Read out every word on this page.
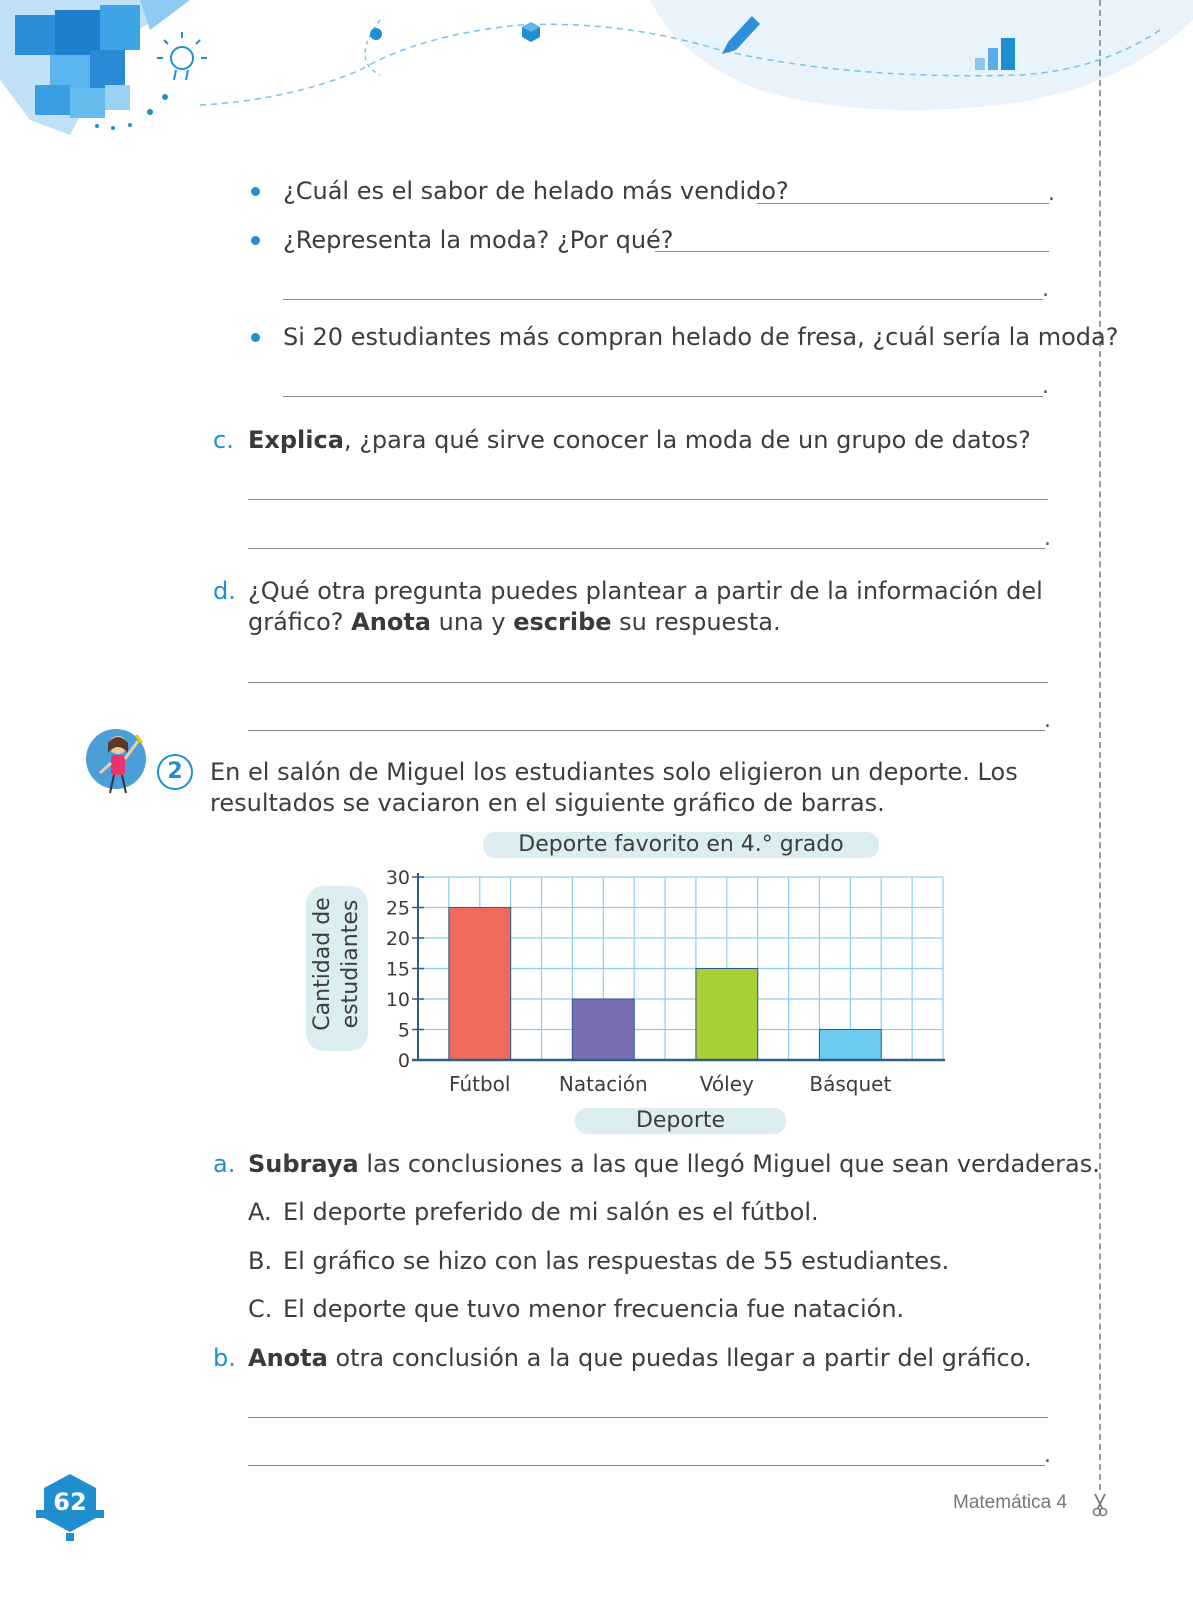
¿Cuál es el sabor de helado más vendido?	.
¿Representa la moda? ¿Por qué?
.
Si 20 estudiantes más compran helado de fresa, ¿cuál sería la moda?
.
c. Explica, ¿para qué sirve conocer la moda de un grupo de datos?
.
d. ¿Qué otra pregunta puedes plantear a partir de la información del
gráfico? Anota una y escribe su respuesta.
.
2	En el salón de Miguel los estudiantes solo eligieron un deporte. Los
resultados se vaciaron en el siguiente gráfico de barras.
Deporte favorito en 4.° grado
Cantidad de estudiantes
Deporte
0
5
10
15
20
25
30
Fútbol Natación	Vóley	Básquet
a. Subraya las conclusiones a las que llegó Miguel que sean verdaderas.
A. El deporte preferido de mi salón es el fútbol.
B. El gráfico se hizo con las respuestas de 55 estudiantes.
C. El deporte que tuvo menor frecuencia fue natación.
b. Anota otra conclusión a la que puedas llegar a partir del gráfico.
.
62	Matemática 4
